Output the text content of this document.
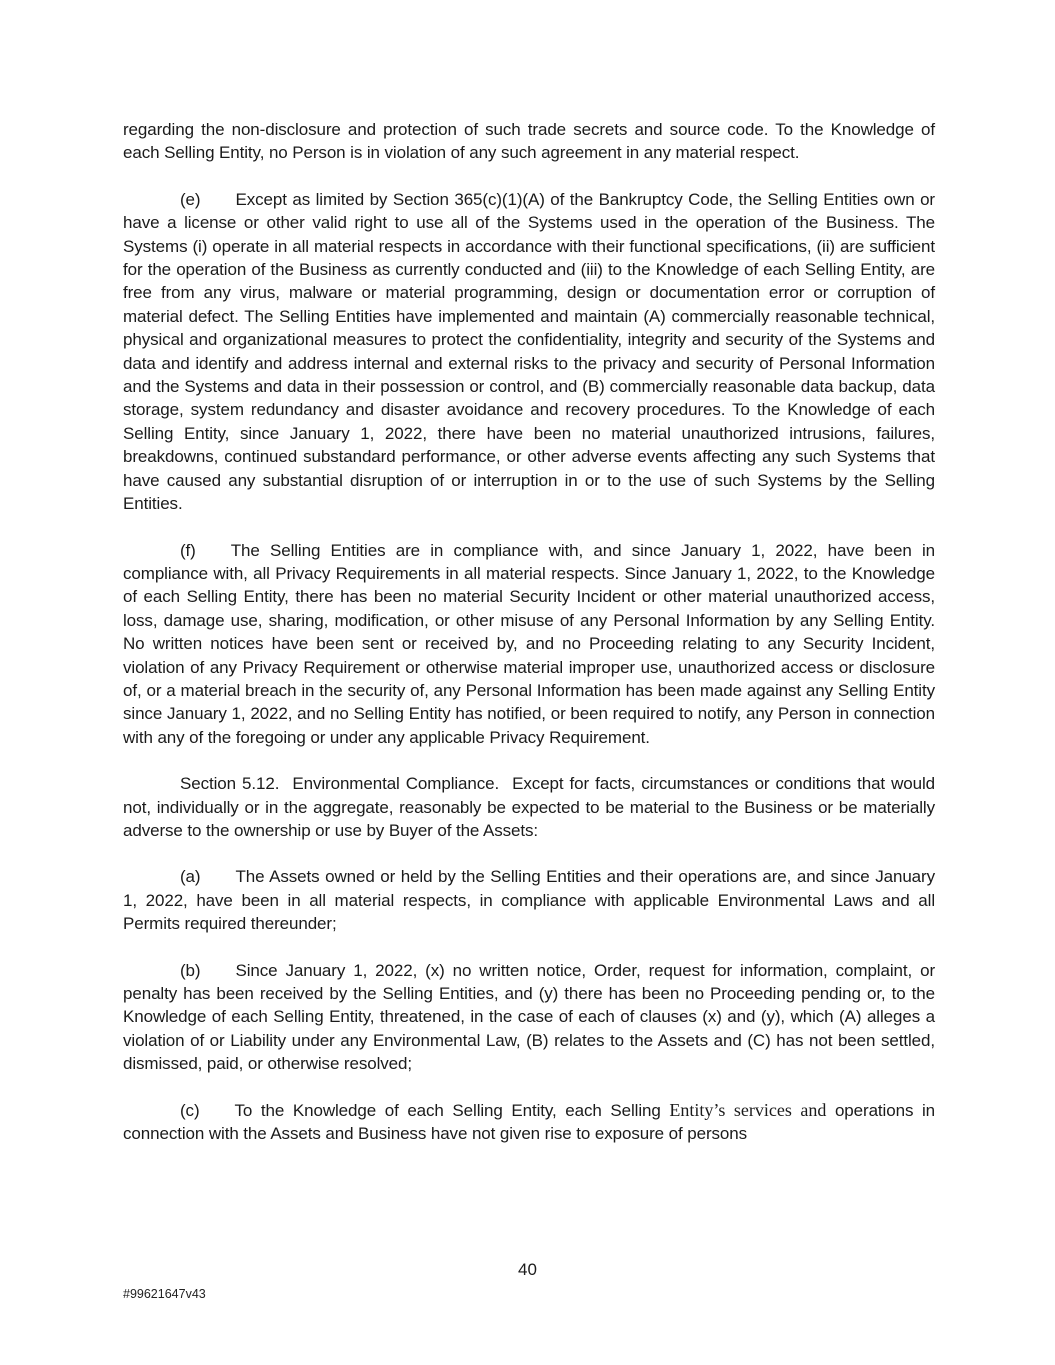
regarding the non-disclosure and protection of such trade secrets and source code. To the Knowledge of each Selling Entity, no Person is in violation of any such agreement in any material respect.

(e) Except as limited by Section 365(c)(1)(A) of the Bankruptcy Code, the Selling Entities own or have a license or other valid right to use all of the Systems used in the operation of the Business. The Systems (i) operate in all material respects in accordance with their functional specifications, (ii) are sufficient for the operation of the Business as currently conducted and (iii) to the Knowledge of each Selling Entity, are free from any virus, malware or material programming, design or documentation error or corruption of material defect. The Selling Entities have implemented and maintain (A) commercially reasonable technical, physical and organizational measures to protect the confidentiality, integrity and security of the Systems and data and identify and address internal and external risks to the privacy and security of Personal Information and the Systems and data in their possession or control, and (B) commercially reasonable data backup, data storage, system redundancy and disaster avoidance and recovery procedures. To the Knowledge of each Selling Entity, since January 1, 2022, there have been no material unauthorized intrusions, failures, breakdowns, continued substandard performance, or other adverse events affecting any such Systems that have caused any substantial disruption of or interruption in or to the use of such Systems by the Selling Entities.

(f) The Selling Entities are in compliance with, and since January 1, 2022, have been in compliance with, all Privacy Requirements in all material respects. Since January 1, 2022, to the Knowledge of each Selling Entity, there has been no material Security Incident or other material unauthorized access, loss, damage use, sharing, modification, or other misuse of any Personal Information by any Selling Entity. No written notices have been sent or received by, and no Proceeding relating to any Security Incident, violation of any Privacy Requirement or otherwise material improper use, unauthorized access or disclosure of, or a material breach in the security of, any Personal Information has been made against any Selling Entity since January 1, 2022, and no Selling Entity has notified, or been required to notify, any Person in connection with any of the foregoing or under any applicable Privacy Requirement.

Section 5.12. Environmental Compliance. Except for facts, circumstances or conditions that would not, individually or in the aggregate, reasonably be expected to be material to the Business or be materially adverse to the ownership or use by Buyer of the Assets:

(a) The Assets owned or held by the Selling Entities and their operations are, and since January 1, 2022, have been in all material respects, in compliance with applicable Environmental Laws and all Permits required thereunder;

(b) Since January 1, 2022, (x) no written notice, Order, request for information, complaint, or penalty has been received by the Selling Entities, and (y) there has been no Proceeding pending or, to the Knowledge of each Selling Entity, threatened, in the case of each of clauses (x) and (y), which (A) alleges a violation of or Liability under any Environmental Law, (B) relates to the Assets and (C) has not been settled, dismissed, paid, or otherwise resolved;

(c) To the Knowledge of each Selling Entity, each Selling Entity’s services and operations in connection with the Assets and Business have not given rise to exposure of persons

40
#99621647v43
